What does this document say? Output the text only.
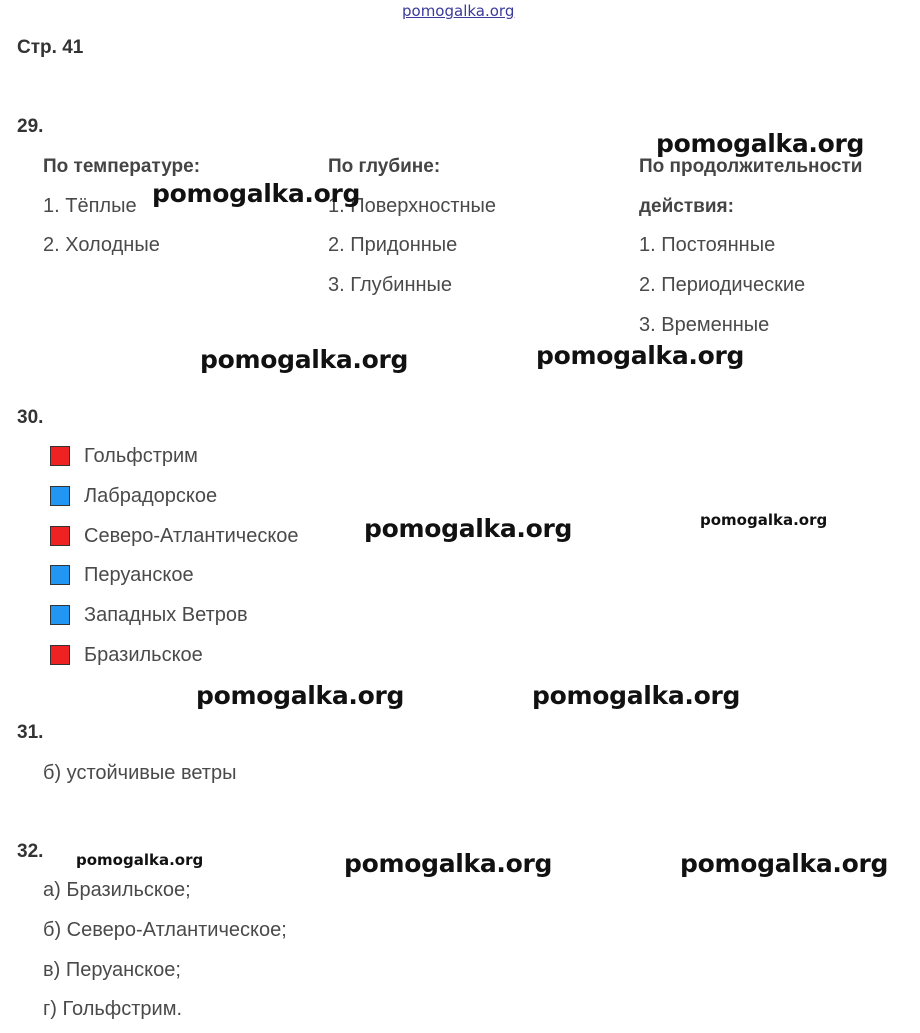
pomogalka.org
Стр. 41
29.
По температуре:
1. Тёплые
2. Холодные
По глубине:
1. Поверхностные
2. Придонные
3. Глубинные
По продолжительности
действия:
1. Постоянные
2. Периодические
3. Временные
30.
Гольфстрим
Лабрадорское
Северо-Атлантическое
Перуанское
Западных Ветров
Бразильское
31.
б) устойчивые ветры
32.
а) Бразильское;
б) Северо-Атлантическое;
в) Перуанское;
г) Гольфстрим.
pomogalka.org
pomogalka.org
pomogalka.org	pomogalka.org
pomogalka.org	pomogalka.org
pomogalka.org	pomogalka.org
pomogalka.org	pomogalka.org	pomogalka.org
